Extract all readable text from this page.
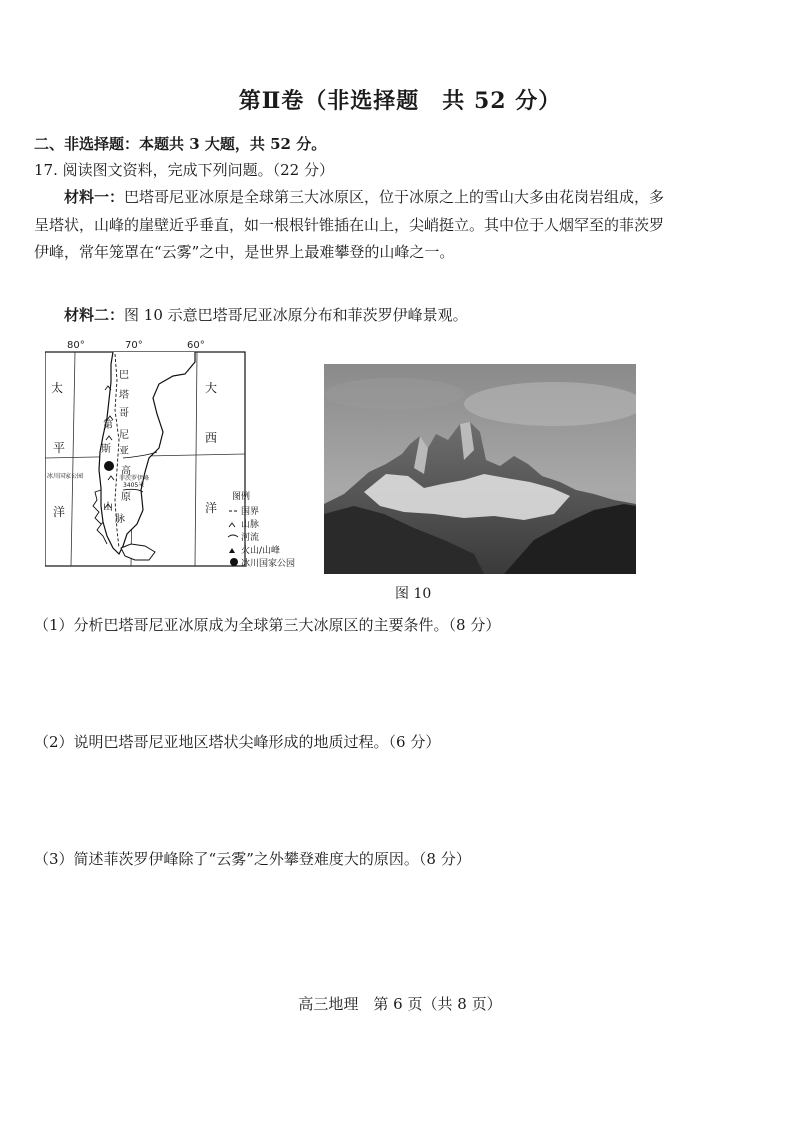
第Ⅱ卷（非选择题　共 52 分）
二、非选择题：本题共 3 大题，共 52 分。
17. 阅读图文资料，完成下列问题。（22 分）
材料一：巴塔哥尼亚冰原是全球第三大冰原区，位于冰原之上的雪山大多由花岗岩组成，多呈塔状，山峰的崖壁近乎垂直，如一根根针锥插在山上，尖峭挺立。其中位于人烟罕至的菲茨罗伊峰，常年笼罩在“云雾”之中，是世界上最难攀登的山峰之一。
材料二：图 10 示意巴塔哥尼亚冰原分布和菲茨罗伊峰景观。
80°	70°	60°
太
平
洋
大
西
洋
巴
塔
哥
尼
亚
高
原
第
斯
山
脉
冰川国家公园	菲茨罗伊峰
3405米
图例
国界
山脉
河流
火山/山峰
冰川国家公园
图 10
（1）分析巴塔哥尼亚冰原成为全球第三大冰原区的主要条件。（8 分）
（2）说明巴塔哥尼亚地区塔状尖峰形成的地质过程。（6 分）
（3）简述菲茨罗伊峰除了“云雾”之外攀登难度大的原因。（8 分）
高三地理　第 6 页（共 8 页）
